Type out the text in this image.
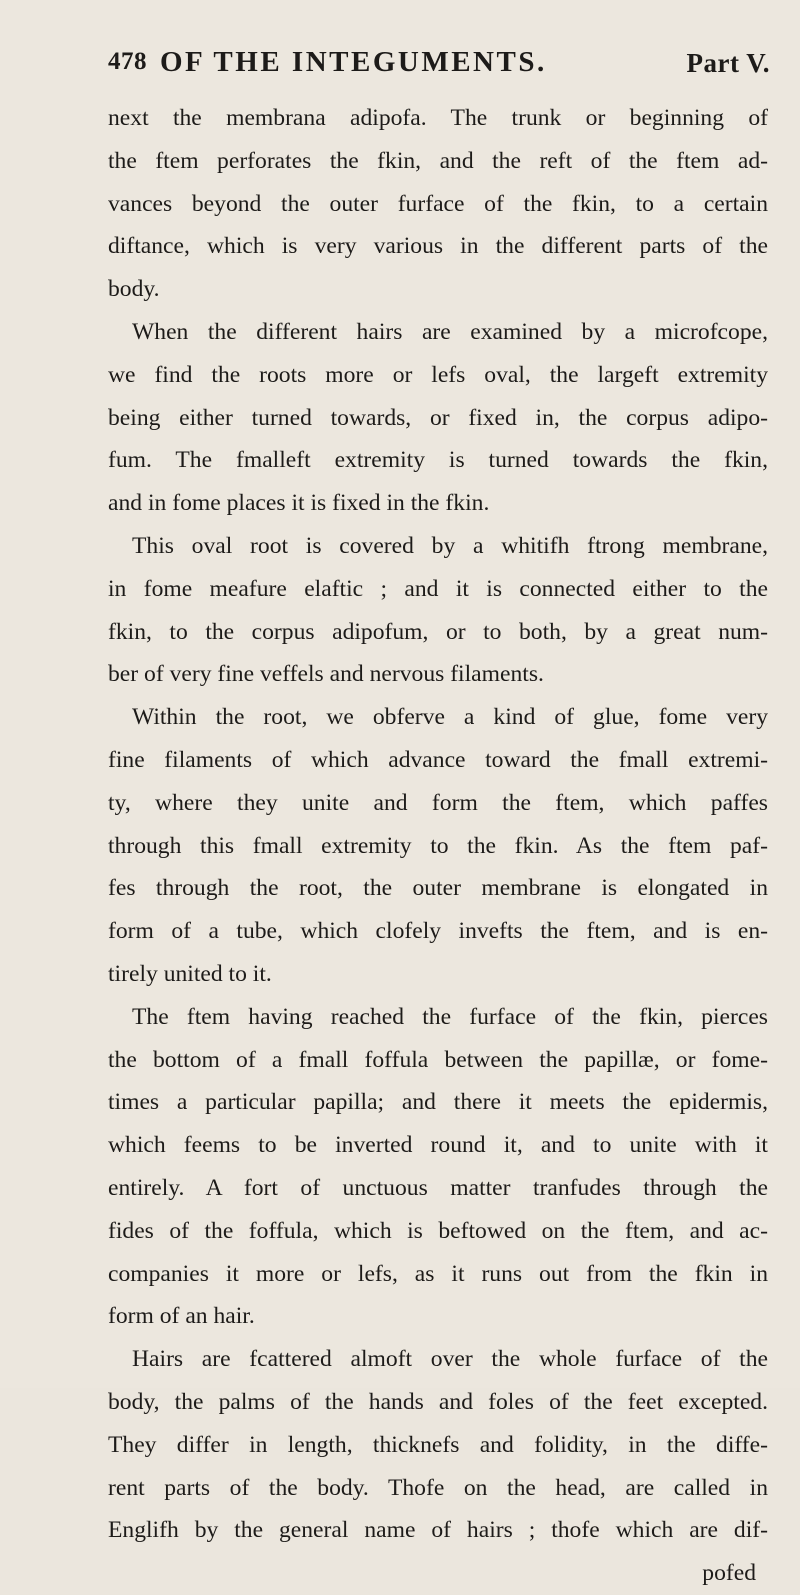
478 OF THE INTEGUMENTS.	Part V.
next the membrana adipofa. The trunk or beginning of
the ftem perforates the fkin, and the reft of the ftem ad-
vances beyond the outer furface of the fkin, to a certain
diftance, which is very various in the different parts of the
body.
When the different hairs are examined by a microfcope,
we find the roots more or lefs oval, the largeft extremity
being either turned towards, or fixed in, the corpus adipo-
fum. The fmalleft extremity is turned towards the fkin,
and in fome places it is fixed in the fkin.
This oval root is covered by a whitifh ftrong membrane,
in fome meafure elaftic ; and it is connected either to the
fkin, to the corpus adipofum, or to both, by a great num-
ber of very fine veffels and nervous filaments.
Within the root, we obferve a kind of glue, fome very
fine filaments of which advance toward the fmall extremi-
ty, where they unite and form the ftem, which paffes
through this fmall extremity to the fkin. As the ftem paf-
fes through the root, the outer membrane is elongated in
form of a tube, which clofely invefts the ftem, and is en-
tirely united to it.
The ftem having reached the furface of the fkin, pierces
the bottom of a fmall foffula between the papillæ, or fome-
times a particular papilla; and there it meets the epidermis,
which feems to be inverted round it, and to unite with it
entirely. A fort of unctuous matter tranfudes through the
fides of the foffula, which is beftowed on the ftem, and ac-
companies it more or lefs, as it runs out from the fkin in
form of an hair.
Hairs are fcattered almoft over the whole furface of the
body, the palms of the hands and foles of the feet excepted.
They differ in length, thicknefs and folidity, in the diffe-
rent parts of the body. Thofe on the head, are called in
Englifh by the general name of hairs ; thofe which are dif-
pofed
